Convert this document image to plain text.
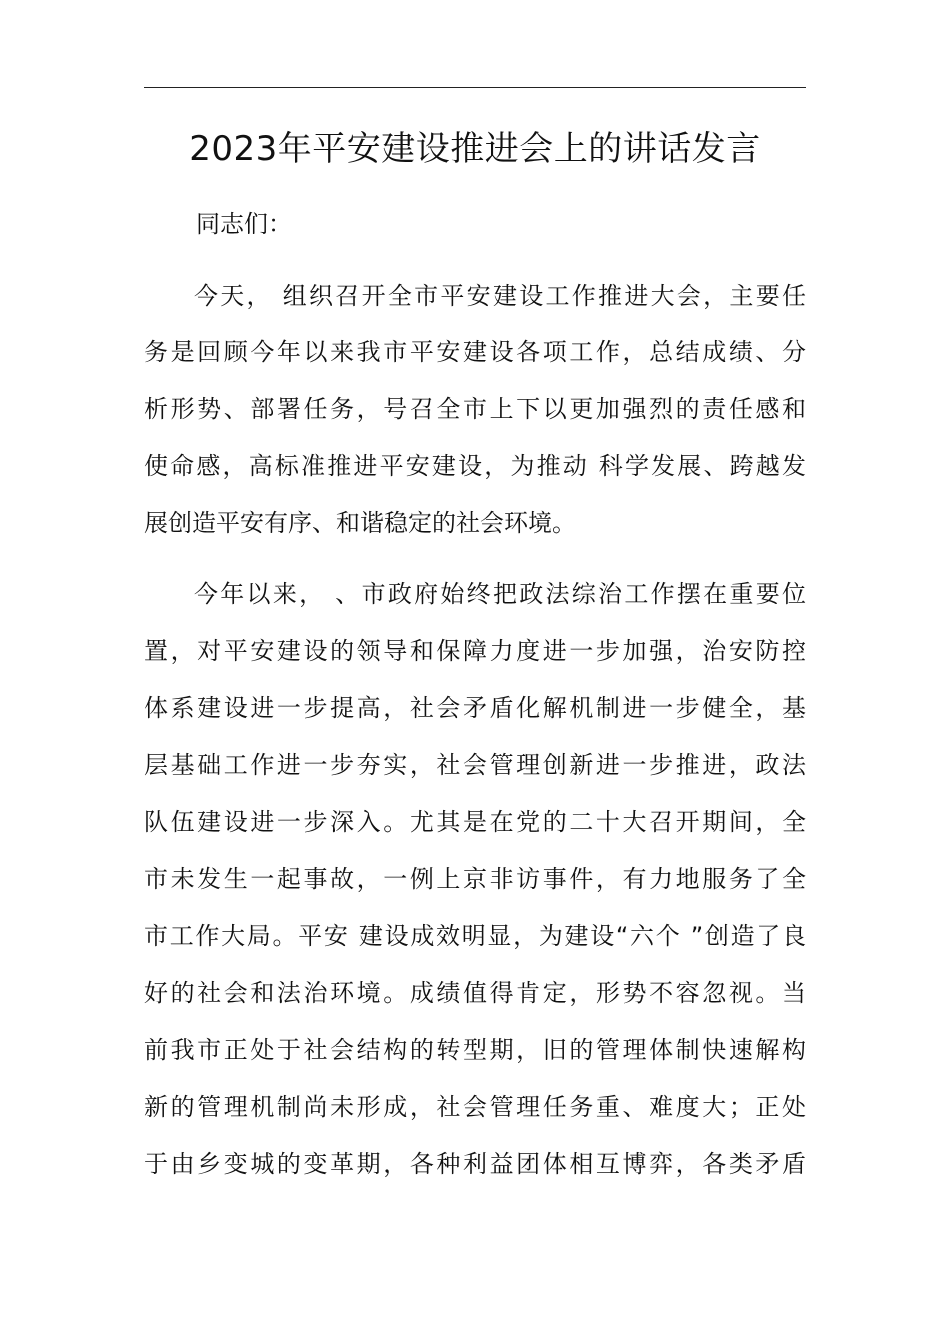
2023年平安建设推进会上的讲话发言

同志们：

今天， 组织召开全市平安建设工作推进大会，主要任
务是回顾今年以来我市平安建设各项工作，总结成绩、分
析形势、部署任务，号召全市上下以更加强烈的责任感和
使命感，高标准推进平安建设，为推动 科学发展、跨越发
展创造平安有序、和谐稳定的社会环境。
今年以来， 、市政府始终把政法综治工作摆在重要位
置，对平安建设的领导和保障力度进一步加强，治安防控
体系建设进一步提高，社会矛盾化解机制进一步健全，基
层基础工作进一步夯实，社会管理创新进一步推进，政法
队伍建设进一步深入。尤其是在党的二十大召开期间，全
市未发生一起事故，一例上京非访事件，有力地服务了全
市工作大局。平安 建设成效明显，为建设“六个 ”创造了良
好的社会和法治环境。成绩值得肯定，形势不容忽视。当
前我市正处于社会结构的转型期，旧的管理体制快速解构
新的管理机制尚未形成，社会管理任务重、难度大；正处
于由乡变城的变革期，各种利益团体相互博弈，各类矛盾
